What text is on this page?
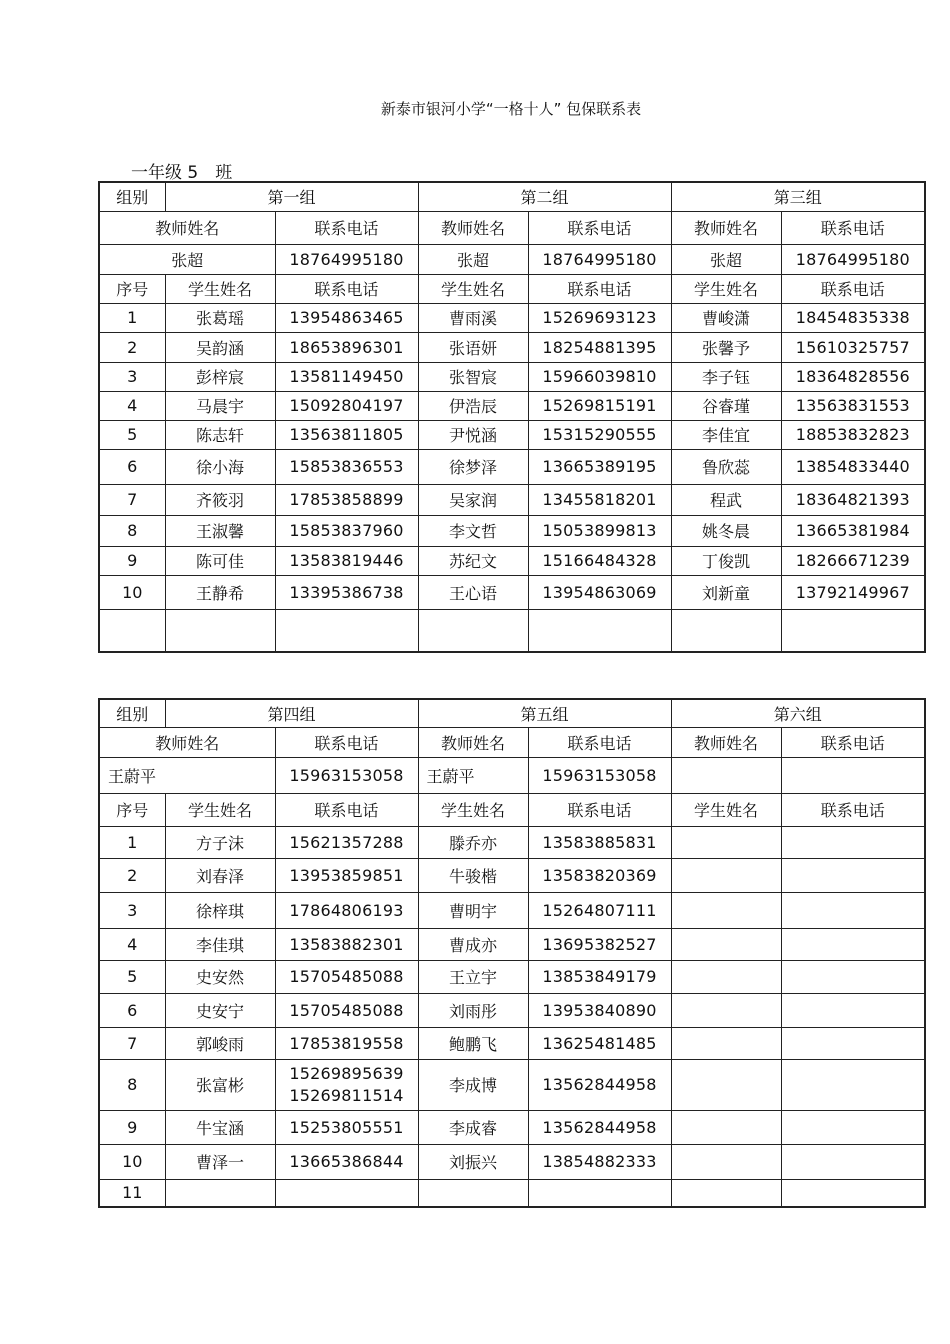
新泰市银河小学“一格十人” 包保联系表
一年级 5　班
组别	第一组		第二组		第三组	
教师姓名		联系电话	教师姓名	联系电话	教师姓名	联系电话
张超		18764995180	张超	18764995180	张超	18764995180
序号	学生姓名	联系电话	学生姓名	联系电话	学生姓名	联系电话
1	张葛瑶	13954863465	曹雨溪	15269693123	曹峻潇	18454835338
2	吴韵涵	18653896301	张语妍	18254881395	张馨予	15610325757
3	彭梓宸	13581149450	张智宸	15966039810	李子钰	18364828556
4	马晨宇	15092804197	伊浩辰	15269815191	谷睿瑾	13563831553
5	陈志轩	13563811805	尹悦涵	15315290555	李佳宜	18853832823
6	徐小海	15853836553	徐梦泽	13665389195	鲁欣蕊	13854833440
7	齐筱羽	17853858899	吴家润	13455818201	程武	18364821393
8	王淑馨	15853837960	李文哲	15053899813	姚冬晨	13665381984
9	陈可佳	13583819446	苏纪文	15166484328	丁俊凯	18266671239
10	王静希	13395386738	王心语	13954863069	刘新童	13792149967

组别	第四组		第五组		第六组	
教师姓名		联系电话	教师姓名	联系电话	教师姓名	联系电话
王蔚平		15963153058	王蔚平	15963153058		
序号	学生姓名	联系电话	学生姓名	联系电话	学生姓名	联系电话
1	方子沫	15621357288	滕乔亦	13583885831		
2	刘春泽	13953859851	牛骏楷	13583820369		
3	徐梓琪	17864806193	曹明宇	15264807111		
4	李佳琪	13583882301	曹成亦	13695382527		
5	史安然	15705485088	王立宇	13853849179		
6	史安宁	15705485088	刘雨彤	13953840890		
7	郭峻雨	17853819558	鲍鹏飞	13625481485		
8	张富彬	15269895639
15269811514	李成博	13562844958		
9	牛宝涵	15253805551	李成睿	13562844958		
10	曹泽一	13665386844	刘振兴	13854882333		
11						
